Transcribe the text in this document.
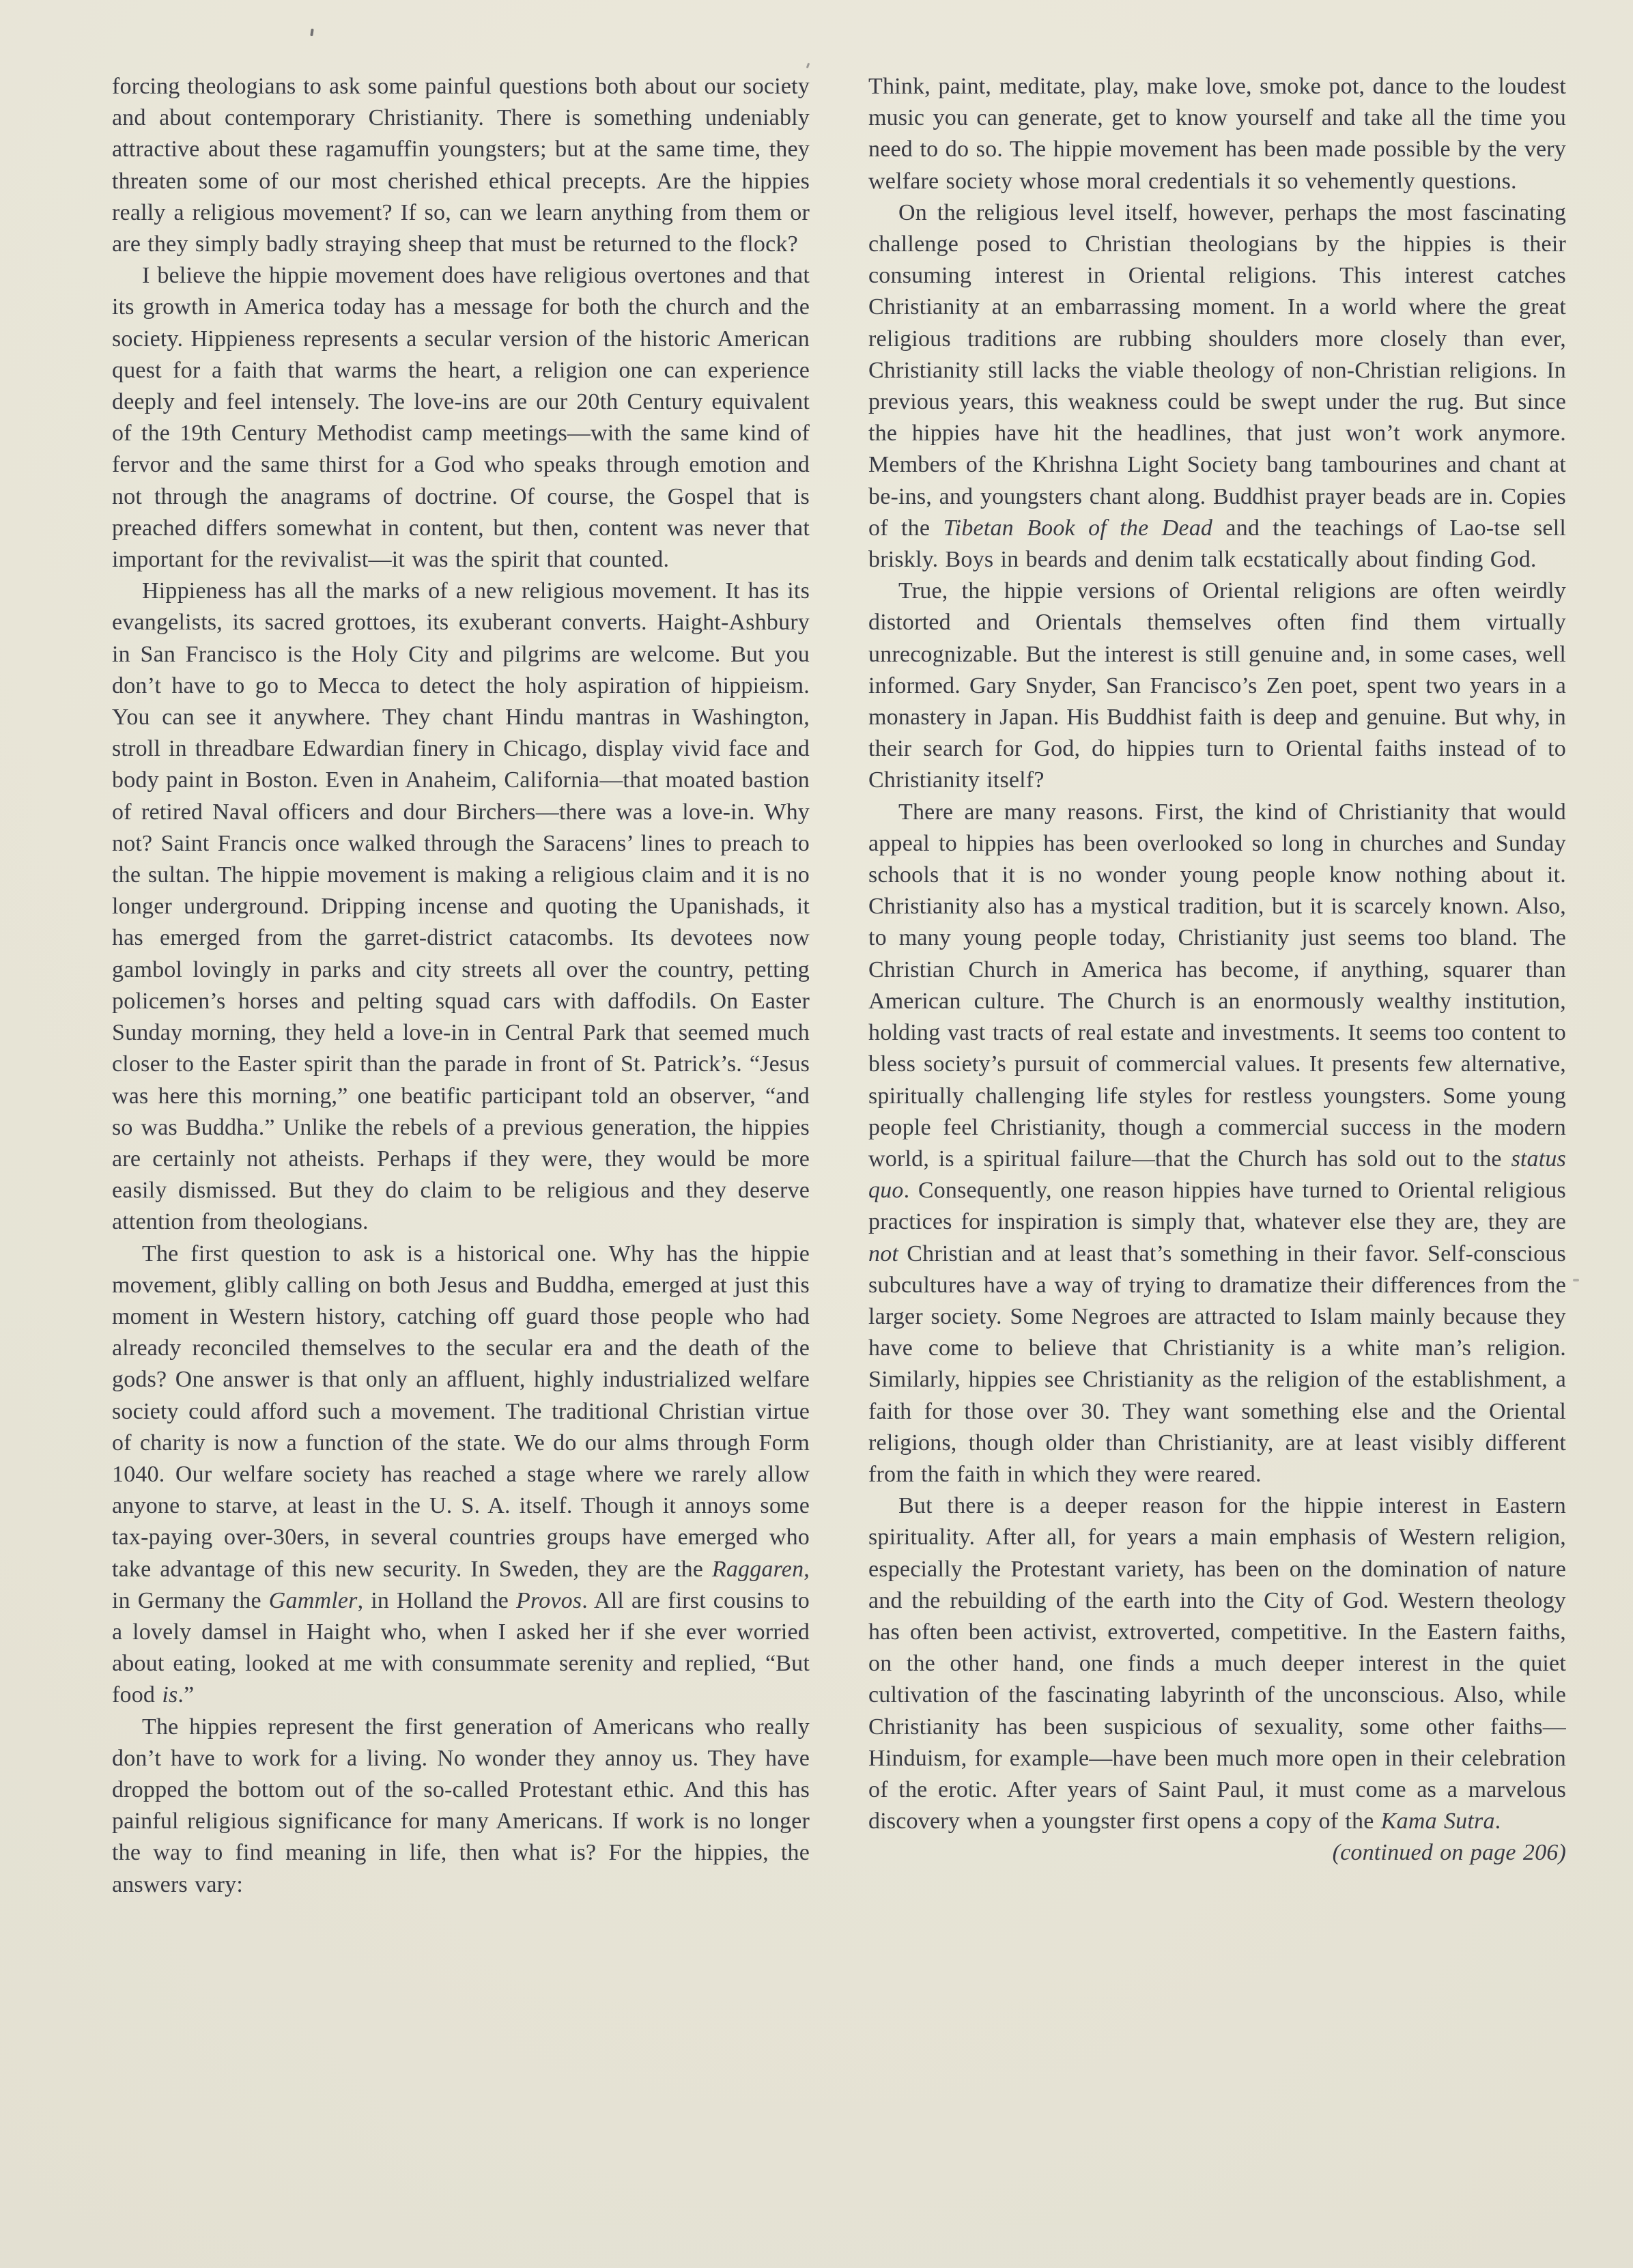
forcing theologians to ask some painful questions both about our society and about contemporary Christianity. There is something undeniably attractive about these ragamuffin youngsters; but at the same time, they threaten some of our most cherished ethical precepts. Are the hippies really a religious movement? If so, can we learn anything from them or are they simply badly straying sheep that must be returned to the flock?

I believe the hippie movement does have religious overtones and that its growth in America today has a message for both the church and the society. Hippieness represents a secular version of the historic American quest for a faith that warms the heart, a religion one can experience deeply and feel intensely. The love-ins are our 20th Century equivalent of the 19th Century Methodist camp meetings—with the same kind of fervor and the same thirst for a God who speaks through emotion and not through the anagrams of doctrine. Of course, the Gospel that is preached differs somewhat in content, but then, content was never that important for the revivalist—it was the spirit that counted.

Hippieness has all the marks of a new religious movement. It has its evangelists, its sacred grottoes, its exuberant converts. Haight-Ashbury in San Francisco is the Holy City and pilgrims are welcome. But you don’t have to go to Mecca to detect the holy aspiration of hippieism. You can see it anywhere. They chant Hindu mantras in Washington, stroll in threadbare Edwardian finery in Chicago, display vivid face and body paint in Boston. Even in Anaheim, California—that moated bastion of retired Naval officers and dour Birchers—there was a love-in. Why not? Saint Francis once walked through the Saracens’ lines to preach to the sultan. The hippie movement is making a religious claim and it is no longer underground. Dripping incense and quoting the Upanishads, it has emerged from the garret-district catacombs. Its devotees now gambol lovingly in parks and city streets all over the country, petting policemen’s horses and pelting squad cars with daffodils. On Easter Sunday morning, they held a love-in in Central Park that seemed much closer to the Easter spirit than the parade in front of St. Patrick’s. “Jesus was here this morning,” one beatific participant told an observer, “and so was Buddha.” Unlike the rebels of a previous generation, the hippies are certainly not atheists. Perhaps if they were, they would be more easily dismissed. But they do claim to be religious and they deserve attention from theologians.

The first question to ask is a historical one. Why has the hippie movement, glibly calling on both Jesus and Buddha, emerged at just this moment in Western history, catching off guard those people who had already reconciled themselves to the secular era and the death of the gods? One answer is that only an affluent, highly industrialized welfare society could afford such a movement. The traditional Christian virtue of charity is now a function of the state. We do our alms through Form 1040. Our welfare society has reached a stage where we rarely allow anyone to starve, at least in the U. S. A. itself. Though it annoys some tax-paying over-30ers, in several countries groups have emerged who take advantage of this new security. In Sweden, they are the Raggaren, in Germany the Gammler, in Holland the Provos. All are first cousins to a lovely damsel in Haight who, when I asked her if she ever worried about eating, looked at me with consummate serenity and replied, “But food is.”

The hippies represent the first generation of Americans who really don’t have to work for a living. No wonder they annoy us. They have dropped the bottom out of the so-called Protestant ethic. And this has painful religious significance for many Americans. If work is no longer the way to find meaning in life, then what is? For the hippies, the answers vary:

Think, paint, meditate, play, make love, smoke pot, dance to the loudest music you can generate, get to know yourself and take all the time you need to do so. The hippie movement has been made possible by the very welfare society whose moral credentials it so vehemently questions.

On the religious level itself, however, perhaps the most fascinating challenge posed to Christian theologians by the hippies is their consuming interest in Oriental religions. This interest catches Christianity at an embarrassing moment. In a world where the great religious traditions are rubbing shoulders more closely than ever, Christianity still lacks the viable theology of non-Christian religions. In previous years, this weakness could be swept under the rug. But since the hippies have hit the headlines, that just won’t work anymore. Members of the Khrishna Light Society bang tambourines and chant at be-ins, and youngsters chant along. Buddhist prayer beads are in. Copies of the Tibetan Book of the Dead and the teachings of Lao-tse sell briskly. Boys in beards and denim talk ecstatically about finding God.

True, the hippie versions of Oriental religions are often weirdly distorted and Orientals themselves often find them virtually unrecognizable. But the interest is still genuine and, in some cases, well informed. Gary Snyder, San Francisco’s Zen poet, spent two years in a monastery in Japan. His Buddhist faith is deep and genuine. But why, in their search for God, do hippies turn to Oriental faiths instead of to Christianity itself?

There are many reasons. First, the kind of Christianity that would appeal to hippies has been overlooked so long in churches and Sunday schools that it is no wonder young people know nothing about it. Christianity also has a mystical tradition, but it is scarcely known. Also, to many young people today, Christianity just seems too bland. The Christian Church in America has become, if anything, squarer than American culture. The Church is an enormously wealthy institution, holding vast tracts of real estate and investments. It seems too content to bless society’s pursuit of commercial values. It presents few alternative, spiritually challenging life styles for restless youngsters. Some young people feel Christianity, though a commercial success in the modern world, is a spiritual failure—that the Church has sold out to the status quo. Consequently, one reason hippies have turned to Oriental religious practices for inspiration is simply that, whatever else they are, they are not Christian and at least that’s something in their favor. Self-conscious subcultures have a way of trying to dramatize their differences from the larger society. Some Negroes are attracted to Islam mainly because they have come to believe that Christianity is a white man’s religion. Similarly, hippies see Christianity as the religion of the establishment, a faith for those over 30. They want something else and the Oriental religions, though older than Christianity, are at least visibly different from the faith in which they were reared.

But there is a deeper reason for the hippie interest in Eastern spirituality. After all, for years a main emphasis of Western religion, especially the Protestant variety, has been on the domination of nature and the rebuilding of the earth into the City of God. Western theology has often been activist, extroverted, competitive. In the Eastern faiths, on the other hand, one finds a much deeper interest in the quiet cultivation of the fascinating labyrinth of the unconscious. Also, while Christianity has been suspicious of sexuality, some other faiths—Hinduism, for example—have been much more open in their celebration of the erotic. After years of Saint Paul, it must come as a marvelous discovery when a youngster first opens a copy of the Kama Sutra.
(continued on page 206)
